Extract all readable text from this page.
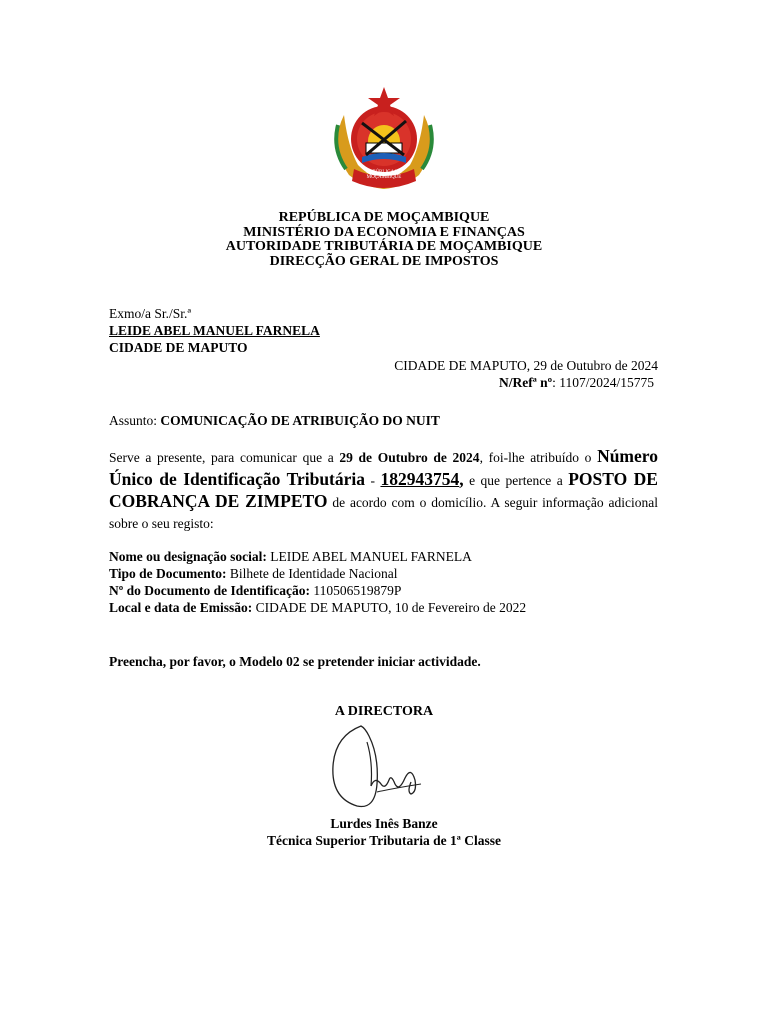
REPÚBLICA DE
MOÇAMBIQUE
REPÚBLICA DE MOÇAMBIQUE
MINISTÉRIO DA ECONOMIA E FINANÇAS
AUTORIDADE TRIBUTÁRIA DE MOÇAMBIQUE
DIRECÇÃO GERAL DE IMPOSTOS
Exmo/a Sr./Sr.ª
LEIDE ABEL MANUEL FARNELA
CIDADE DE MAPUTO
CIDADE DE MAPUTO, 29 de Outubro de 2024
N/Refª nº: 1107/2024/15775
Assunto: COMUNICAÇÃO DE ATRIBUIÇÃO DO NUIT
Serve a presente, para comunicar que a 29 de Outubro de 2024, foi-lhe atribuído o Número Único de Identificação Tributária - 182943754, e que pertence a POSTO DE COBRANÇA DE ZIMPETO de acordo com o domicílio. A seguir informação adicional sobre o seu registo:
Nome ou designação social: LEIDE ABEL MANUEL FARNELA
Tipo de Documento: Bilhete de Identidade Nacional
Nº do Documento de Identificação: 110506519879P
Local e data de Emissão: CIDADE DE MAPUTO, 10 de Fevereiro de 2022
Preencha, por favor, o Modelo 02 se pretender iniciar actividade.
A DIRECTORA
Lurdes Inês Banze
Técnica Superior Tributaria de 1ª Classe
